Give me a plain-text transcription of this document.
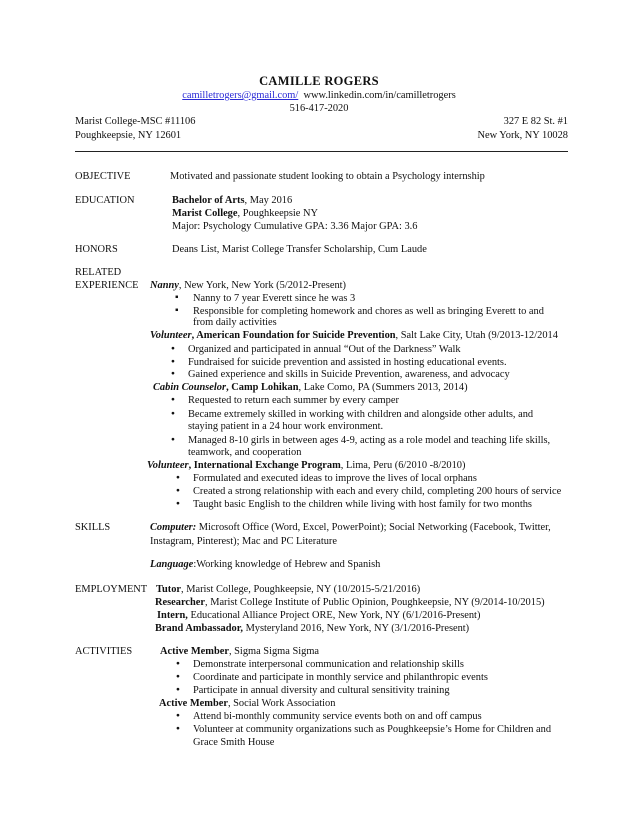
CAMILLE ROGERS
camilletrogers@gmail.com/ www.linkedin.com/in/camilletrogers
516-417-2020
Marist College-MSC #11106
Poughkeepsie, NY 12601
327 E 82 St. #1
New York, NY 10028
OBJECTIVE	Motivated and passionate student looking to obtain a Psychology internship
EDUCATION	Bachelor of Arts, May 2016
Marist College, Poughkeepsie NY
Major: Psychology Cumulative GPA: 3.36 Major GPA: 3.6
HONORS	Deans List, Marist College Transfer Scholarship, Cum Laude
RELATED
EXPERIENCE Nanny, New York, New York (5/2012-Present)
▪ Nanny to 7 year Everett since he was 3
▪ Responsible for completing homework and chores as well as bringing Everett to and
from daily activities
Volunteer, American Foundation for Suicide Prevention, Salt Lake City, Utah (9/2013-12/2014
● Organized and participated in annual “Out of the Darkness” Walk
● Fundraised for suicide prevention and assisted in hosting educational events.
● Gained experience and skills in Suicide Prevention, awareness, and advocacy
Cabin Counselor, Camp Lohikan, Lake Como, PA (Summers 2013, 2014)
● Requested to return each summer by every camper
● Became extremely skilled in working with children and alongside other adults, and
staying patient in a 24 hour work environment.
● Managed 8-10 girls in between ages 4-9, acting as a role model and teaching life skills,
teamwork, and cooperation
Volunteer, International Exchange Program, Lima, Peru (6/2010 -8/2010)
● Formulated and executed ideas to improve the lives of local orphans
● Created a strong relationship with each and every child, completing 200 hours of service
● Taught basic English to the children while living with host family for two months
SKILLS	Computer: Microsoft Office (Word, Excel, PowerPoint); Social Networking (Facebook, Twitter,
Instagram, Pinterest); Mac and PC Literature
Language:Working knowledge of Hebrew and Spanish
EMPLOYMENT Tutor, Marist College, Poughkeepsie, NY (10/2015-5/21/2016)
Researcher, Marist College Institute of Public Opinion, Poughkeepsie, NY (9/2014-10/2015)
Intern, Educational Alliance Project ORE, New York, NY (6/1/2016-Present)
Brand Ambassador, Mysteryland 2016, New York, NY (3/1/2016-Present)
ACTIVITIES	Active Member, Sigma Sigma Sigma
● Demonstrate interpersonal communication and relationship skills
● Coordinate and participate in monthly service and philanthropic events
● Participate in annual diversity and cultural sensitivity training
Active Member, Social Work Association
● Attend bi-monthly community service events both on and off campus
● Volunteer at community organizations such as Poughkeepsie’s Home for Children and
Grace Smith House
